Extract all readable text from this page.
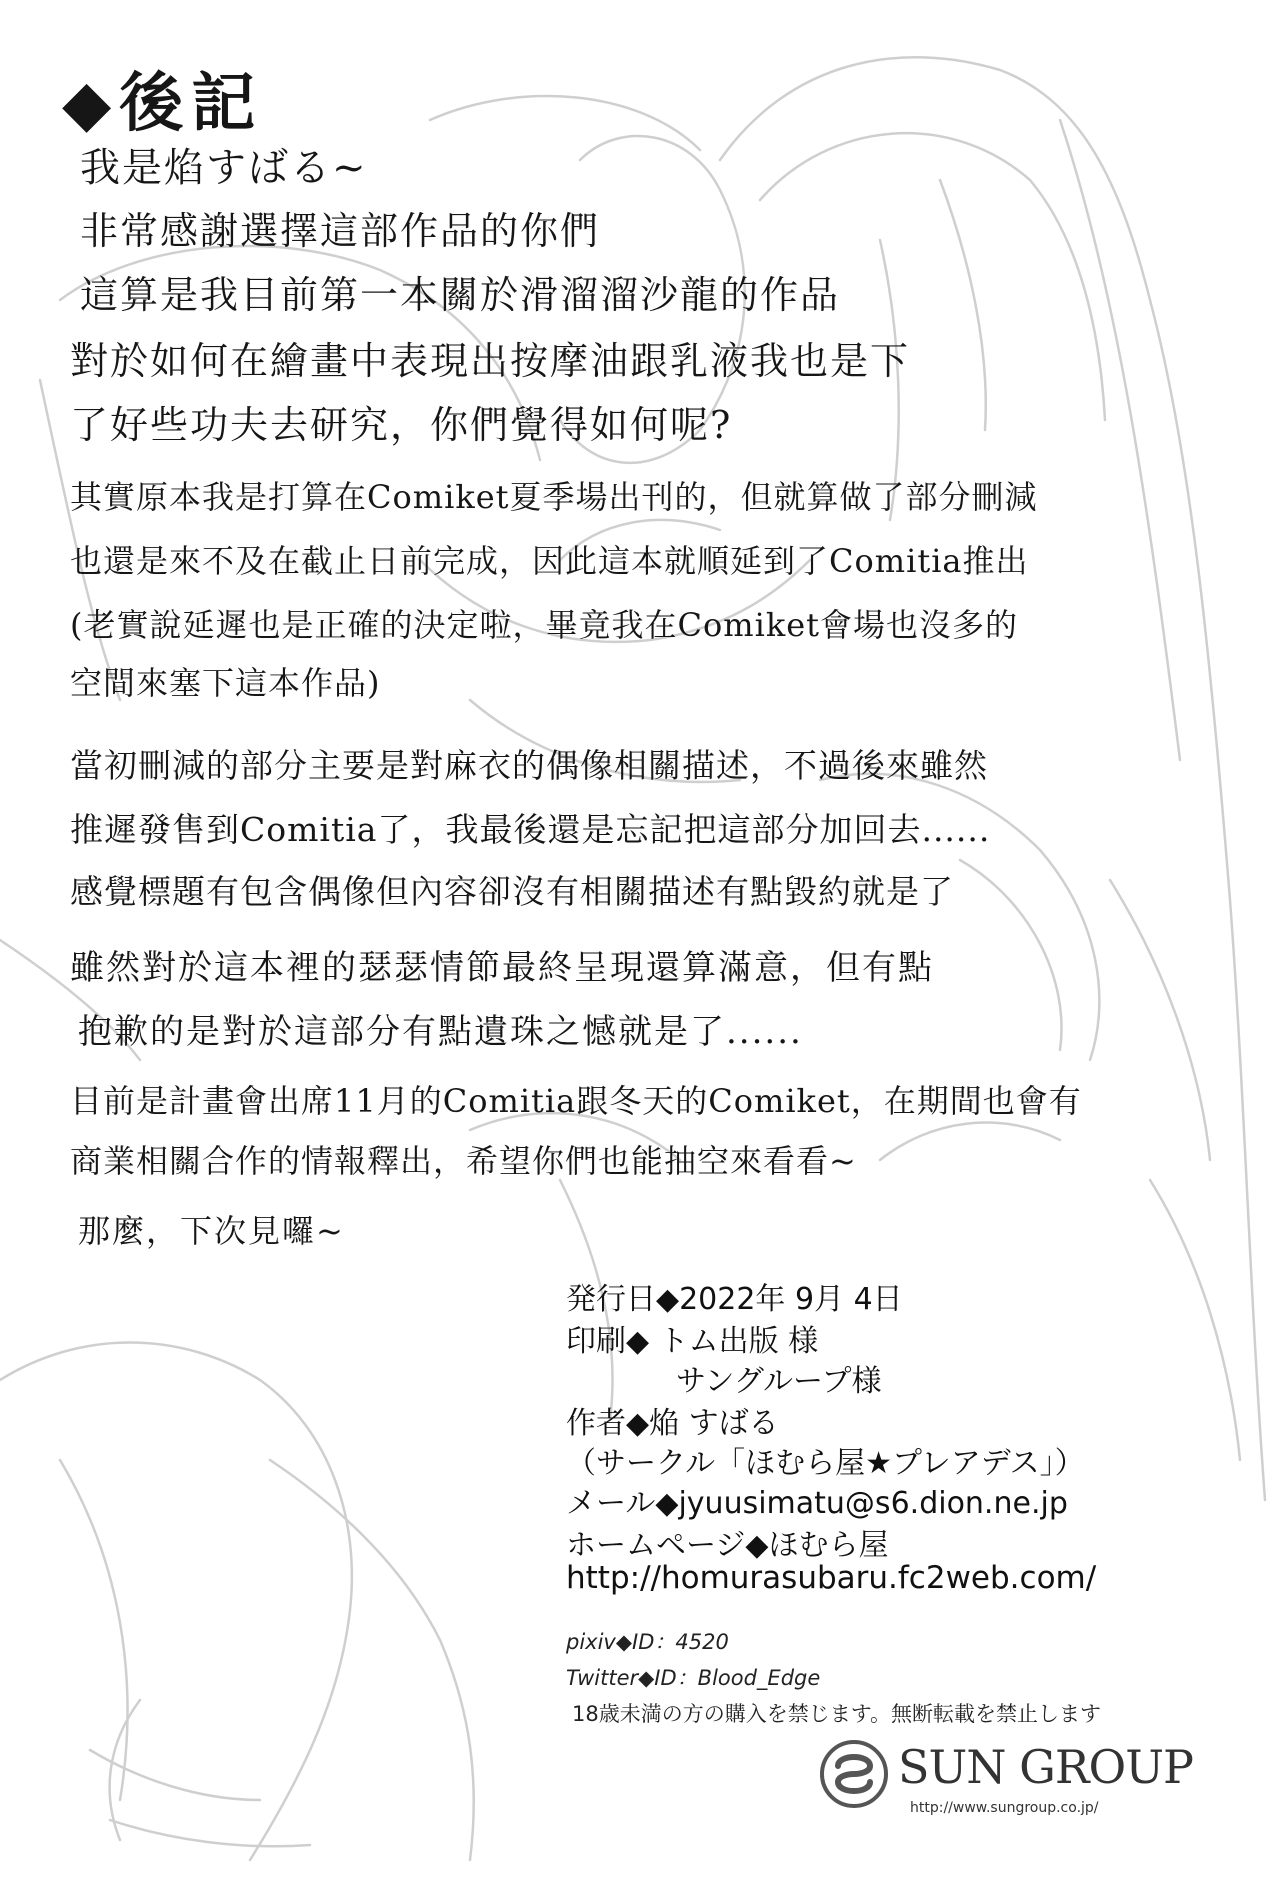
◆後記
我是焰すばる~
非常感謝選擇這部作品的你們
這算是我目前第一本關於滑溜溜沙龍的作品
對於如何在繪畫中表現出按摩油跟乳液我也是下
了好些功夫去研究，你們覺得如何呢?
其實原本我是打算在Comiket夏季場出刊的，但就算做了部分刪減
也還是來不及在截止日前完成，因此這本就順延到了Comitia推出
(老實說延遲也是正確的決定啦，畢竟我在Comiket會場也沒多的
空間來塞下這本作品)
當初刪減的部分主要是對麻衣的偶像相關描述，不過後來雖然
推遲發售到Comitia了，我最後還是忘記把這部分加回去......
感覺標題有包含偶像但內容卻沒有相關描述有點毀約就是了
雖然對於這本裡的瑟瑟情節最終呈現還算滿意，但有點
抱歉的是對於這部分有點遺珠之憾就是了......
目前是計畫會出席11月的Comitia跟冬天的Comiket，在期間也會有
商業相關合作的情報釋出，希望你們也能抽空來看看~
那麼，下次見囉~
発行日◆2022年 9月 4日
印刷◆ トム出版 様
サングループ様
作者◆焔 すばる
（サークル「ほむら屋★プレアデス」）
メール◆jyuusimatu@s6.dion.ne.jp
ホームページ◆ほむら屋
http://homurasubaru.fc2web.com/
pixiv◆ID：4520
Twitter◆ID：Blood_Edge
18歳未満の方の購入を禁じます。無断転載を禁止します
SUN GROUP
http://www.sungroup.co.jp/
